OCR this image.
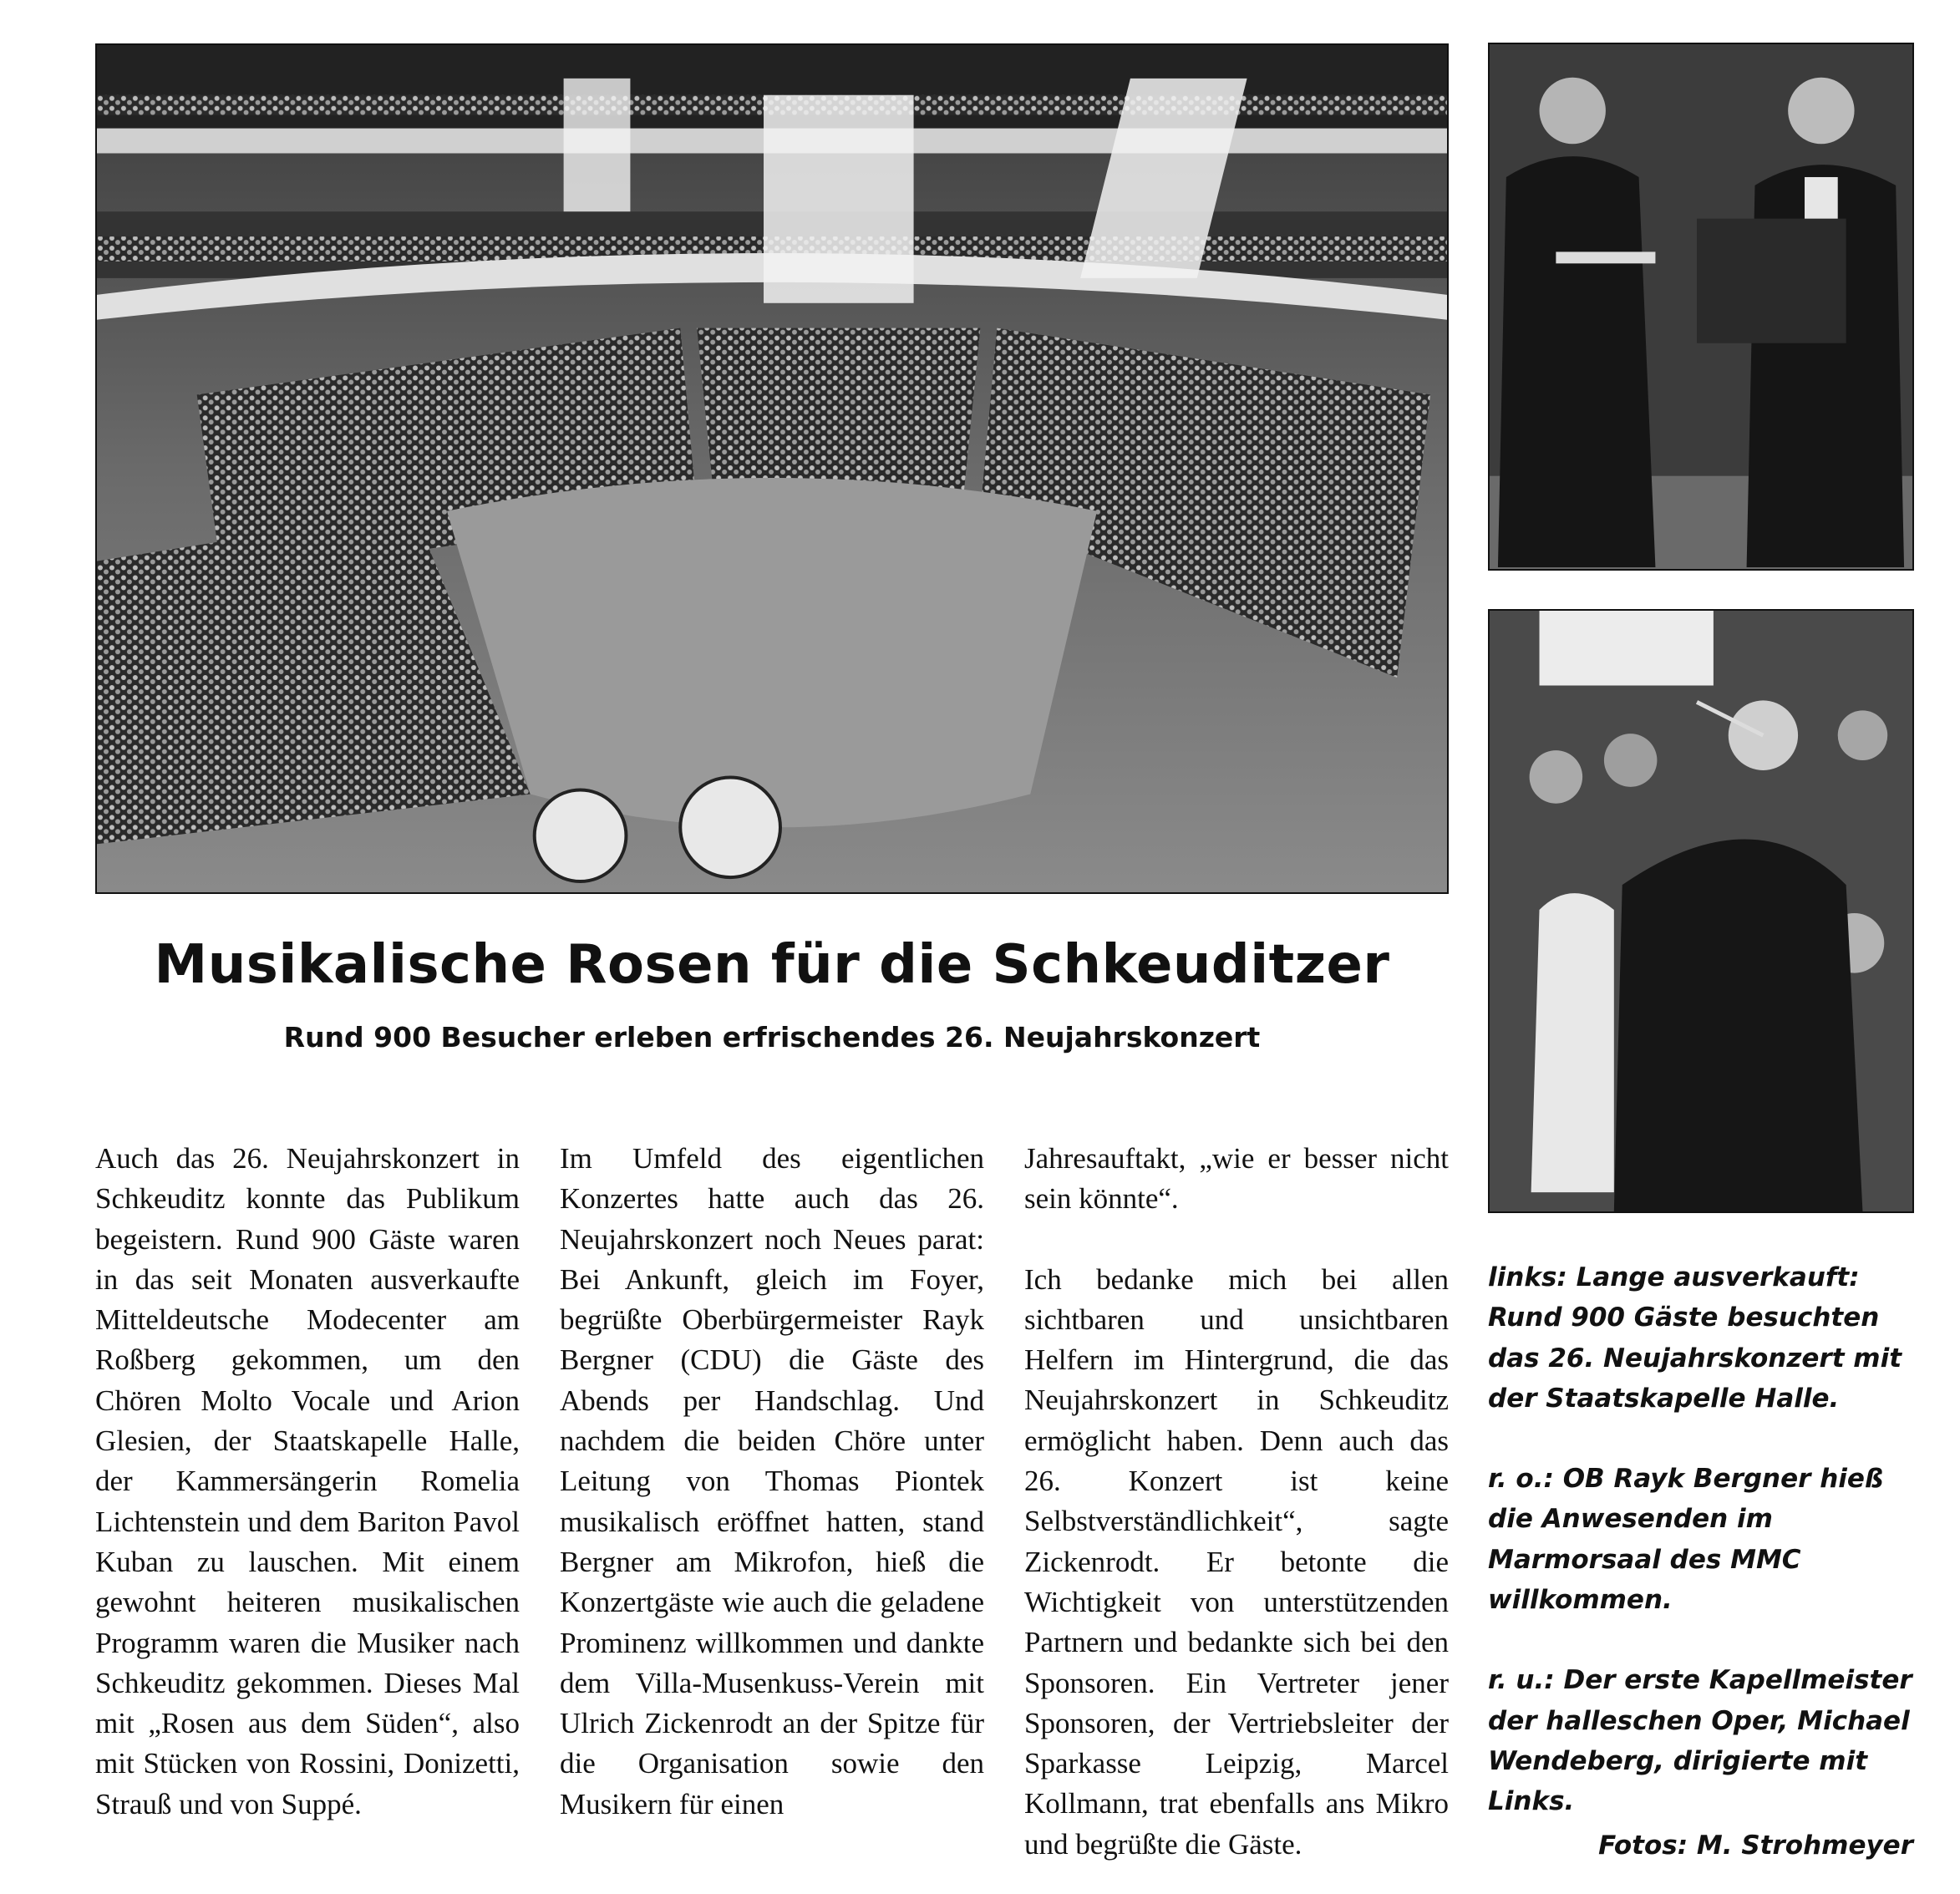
Musikalische Rosen für die Schkeuditzer
Rund 900 Besucher erleben erfrischendes 26. Neujahrskonzert

Auch das 26. Neujahrskonzert in Schkeuditz konnte das Publikum begeistern. Rund 900 Gäste waren in das seit Monaten ausverkaufte Mitteldeutsche Modecenter am Roßberg gekommen, um den Chören Molto Vocale und Arion Glesien, der Staatskapelle Halle, der Kammersängerin Romelia Lichtenstein und dem Bariton Pavol Kuban zu lauschen. Mit einem gewohnt heiteren musikalischen Programm waren die Musiker nach Schkeuditz gekommen. Dieses Mal mit „Rosen aus dem Süden“, also mit Stücken von Rossini, Donizetti, Strauß und von Suppé.

Im Umfeld des eigentlichen Konzertes hatte auch das 26. Neujahrskonzert noch Neues parat: Bei Ankunft, gleich im Foyer, begrüßte Oberbürgermeister Rayk Bergner (CDU) die Gäste des Abends per Handschlag. Und nachdem die beiden Chöre unter Leitung von Thomas Piontek musikalisch eröffnet hatten, stand Bergner am Mikrofon, hieß die Konzertgäste wie auch die geladene Prominenz willkommen und dankte dem Villa-Musenkuss-Verein mit Ulrich Zickenrodt an der Spitze für die Organisation sowie den Musikern für einen

Jahresauftakt, „wie er besser nicht sein könnte“.

Ich bedanke mich bei allen sichtbaren und unsichtbaren Helfern im Hintergrund, die das Neujahrskonzert in Schkeuditz ermöglicht haben. Denn auch das 26. Konzert ist keine Selbstverständlichkeit“, sagte Zickenrodt. Er betonte die Wichtigkeit von unterstützenden Partnern und bedankte sich bei den Sponsoren. Ein Vertreter jener Sponsoren, der Vertriebsleiter der Sparkasse Leipzig, Marcel Kollmann, trat ebenfalls ans Mikro und begrüßte die Gäste.

links: Lange ausverkauft: Rund 900 Gäste besuchten das 26. Neujahrskonzert mit der Staatskapelle Halle.

r. o.: OB Rayk Bergner hieß die Anwesenden im Marmorsaal des MMC willkommen.

r. u.: Der erste Kapellmeister der halleschen Oper, Michael Wendeberg, dirigierte mit Links.

Fotos: M. Strohmeyer
